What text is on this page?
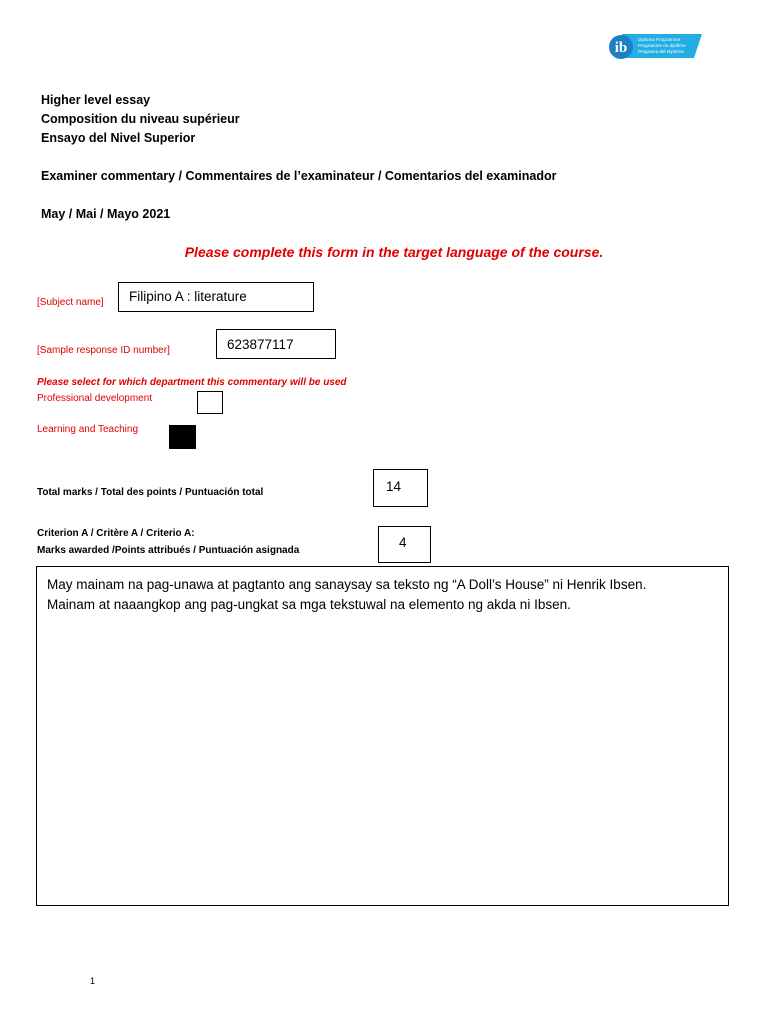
ib
Diploma Programme
Programme du diplôme
Programa del Diploma
Higher level essay
Composition du niveau supérieur
Ensayo del Nivel Superior
Examiner commentary / Commentaires de l’examinateur / Comentarios del examinador
May / Mai / Mayo 2021
Please complete this form in the target language of the course.
[Subject name]	Filipino A : literature
[Sample response ID number]	623877117
Please select for which department this commentary will be used
Professional development
Learning and Teaching
Total marks / Total des points / Puntuación total	14
Criterion A / Critère A / Criterio A:
Marks awarded /Points attribués / Puntuación asignada
4
May mainam na pag-unawa at pagtanto ang sanaysay sa teksto ng “A Doll’s House” ni Henrik Ibsen.
Mainam at naaangkop ang pag-ungkat sa mga tekstuwal na elemento ng akda ni Ibsen.
1
